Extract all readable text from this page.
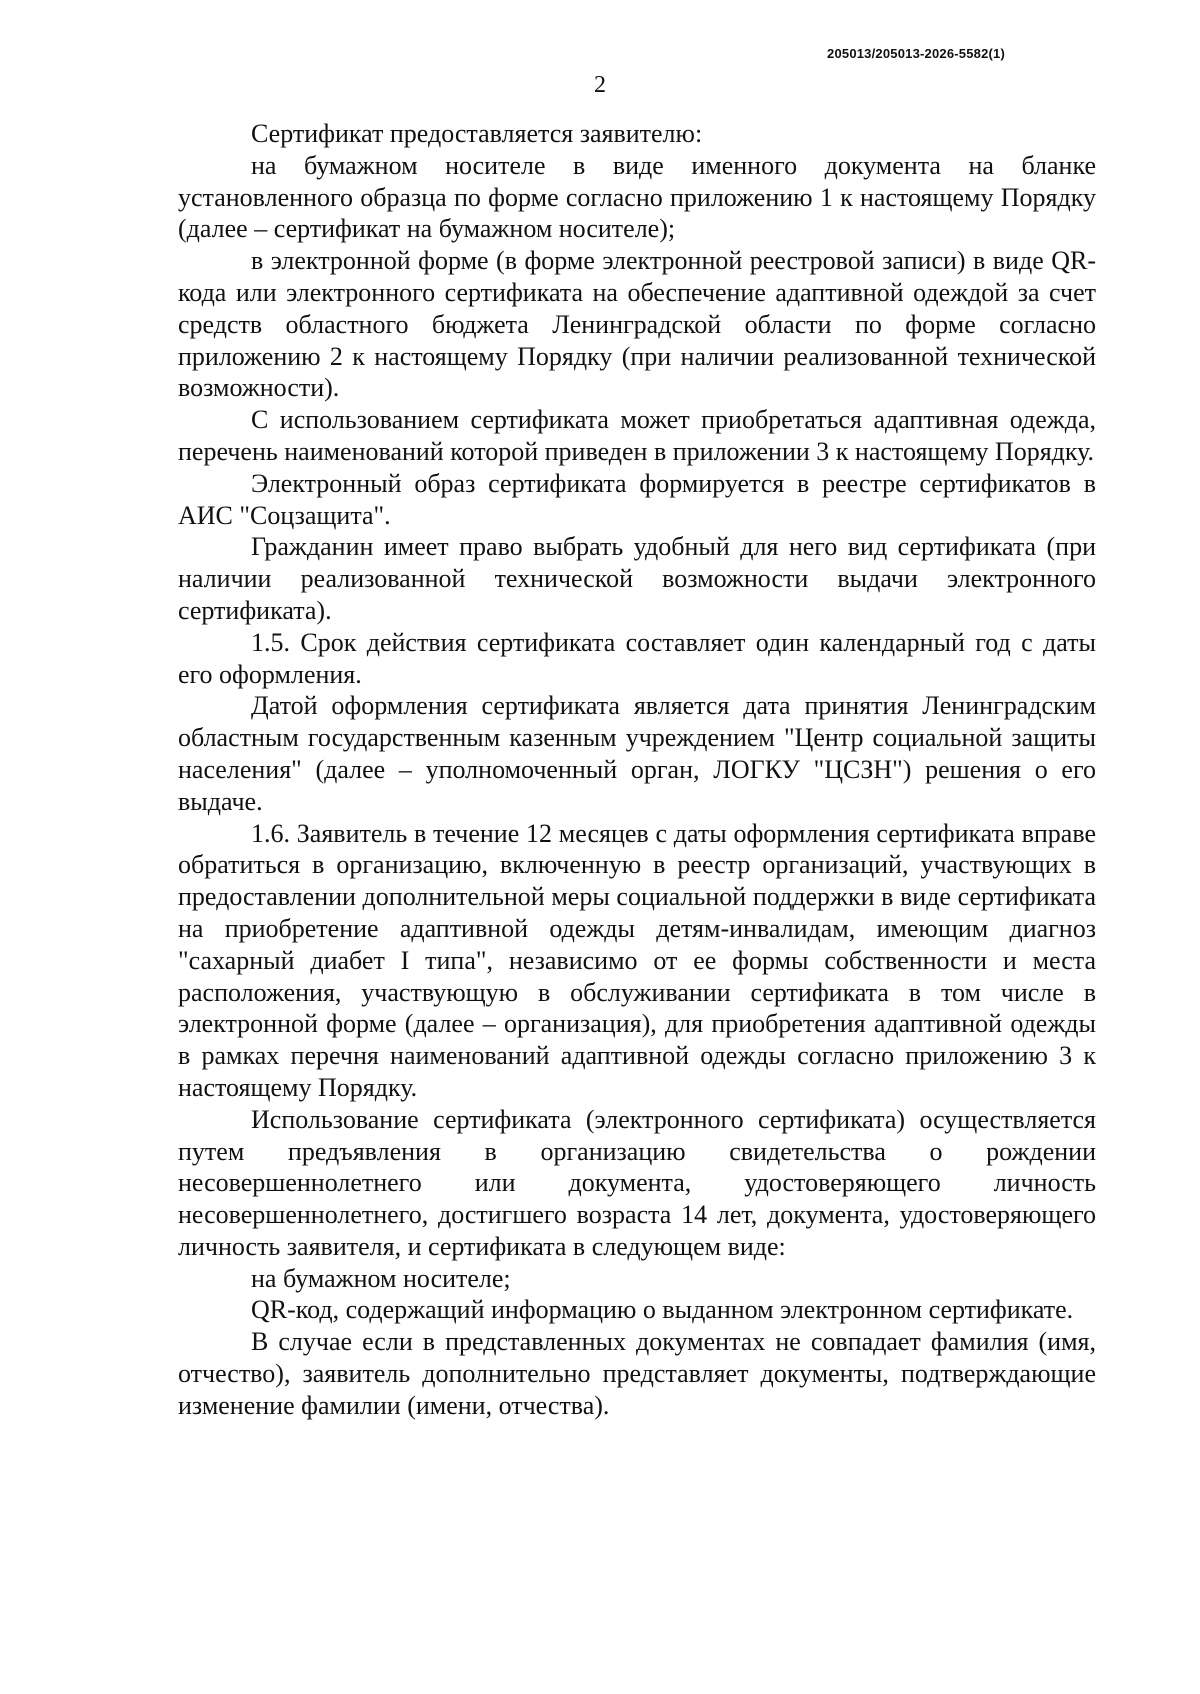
205013/205013-2026-5582(1)
2

Сертификат предоставляется заявителю:

на бумажном носителе в виде именного документа на бланке установленного образца по форме согласно приложению 1 к настоящему Порядку (далее – сертификат на бумажном носителе);

в электронной форме (в форме электронной реестровой записи) в виде QR-кода или электронного сертификата на обеспечение адаптивной одеждой за счет средств областного бюджета Ленинградской области по форме согласно приложению 2 к настоящему Порядку (при наличии реализованной технической возможности).

С использованием сертификата может приобретаться адаптивная одежда, перечень наименований которой приведен в приложении 3 к настоящему Порядку.

Электронный образ сертификата формируется в реестре сертификатов в АИС "Соцзащита".

Гражданин имеет право выбрать удобный для него вид сертификата (при наличии реализованной технической возможности выдачи электронного сертификата).

1.5. Срок действия сертификата составляет один календарный год с даты его оформления.

Датой оформления сертификата является дата принятия Ленинградским областным государственным казенным учреждением "Центр социальной защиты населения" (далее – уполномоченный орган, ЛОГКУ "ЦСЗН") решения о его выдаче.

1.6. Заявитель в течение 12 месяцев с даты оформления сертификата вправе обратиться в организацию, включенную в реестр организаций, участвующих в предоставлении дополнительной меры социальной поддержки в виде сертификата на приобретение адаптивной одежды детям-инвалидам, имеющим диагноз "сахарный диабет I типа", независимо от ее формы собственности и места расположения, участвующую в обслуживании сертификата в том числе в электронной форме (далее – организация), для приобретения адаптивной одежды в рамках перечня наименований адаптивной одежды согласно приложению 3 к настоящему Порядку.

Использование сертификата (электронного сертификата) осуществляется путем предъявления в организацию свидетельства о рождении несовершеннолетнего или документа, удостоверяющего личность несовершеннолетнего, достигшего возраста 14 лет, документа, удостоверяющего личность заявителя, и сертификата в следующем виде:

на бумажном носителе;

QR-код, содержащий информацию о выданном электронном сертификате.

В случае если в представленных документах не совпадает фамилия (имя, отчество), заявитель дополнительно представляет документы, подтверждающие изменение фамилии (имени, отчества).
